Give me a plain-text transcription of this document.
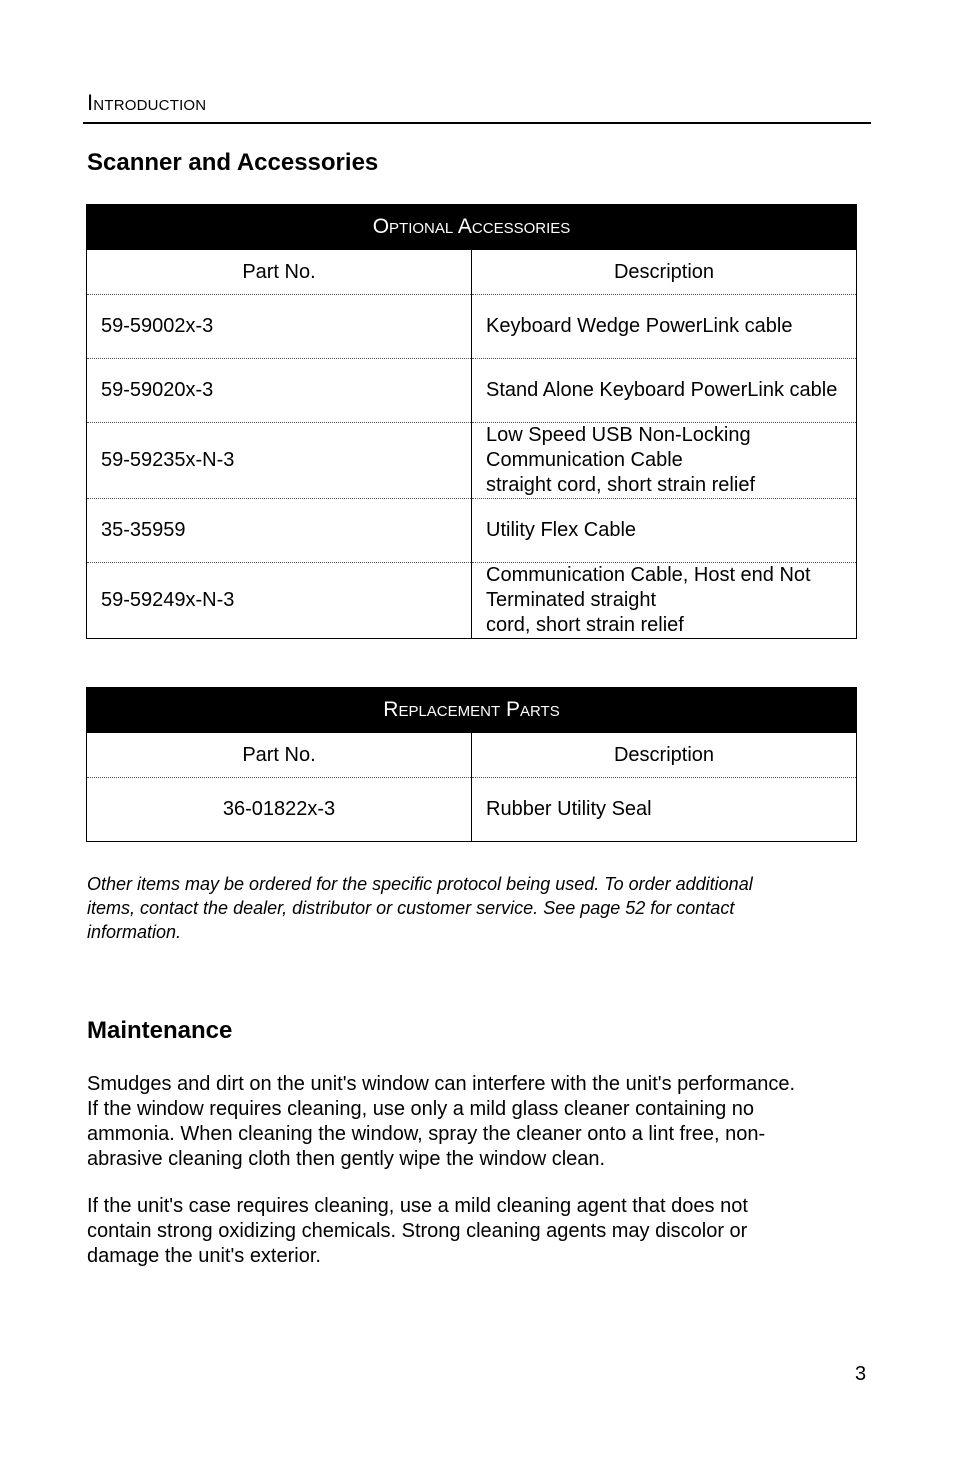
Introduction
Scanner and Accessories
Optional Accessories	
Part No.	Description
59-59002x-3	Keyboard Wedge PowerLink cable
59-59020x-3	Stand Alone Keyboard PowerLink cable
59-59235x-N-3	Low Speed USB Non-Locking Communication Cable
straight cord, short strain relief

35-35959	Utility Flex Cable
59-59249x-N-3	Communication Cable, Host end Not Terminated straight
cord, short strain relief
Replacement Parts	
Part No.	Description
36-01822x-3	Rubber Utility Seal
Other items may be ordered for the specific protocol being used. To order additional
items, contact the dealer, distributor or customer service. See page 52 for contact
information.
Maintenance
Smudges and dirt on the unit's window can interfere with the unit's performance.
If the window requires cleaning, use only a mild glass cleaner containing no
ammonia. When cleaning the window, spray the cleaner onto a lint free, non-
abrasive cleaning cloth then gently wipe the window clean.
If the unit's case requires cleaning, use a mild cleaning agent that does not
contain strong oxidizing chemicals. Strong cleaning agents may discolor or
damage the unit's exterior.
3
